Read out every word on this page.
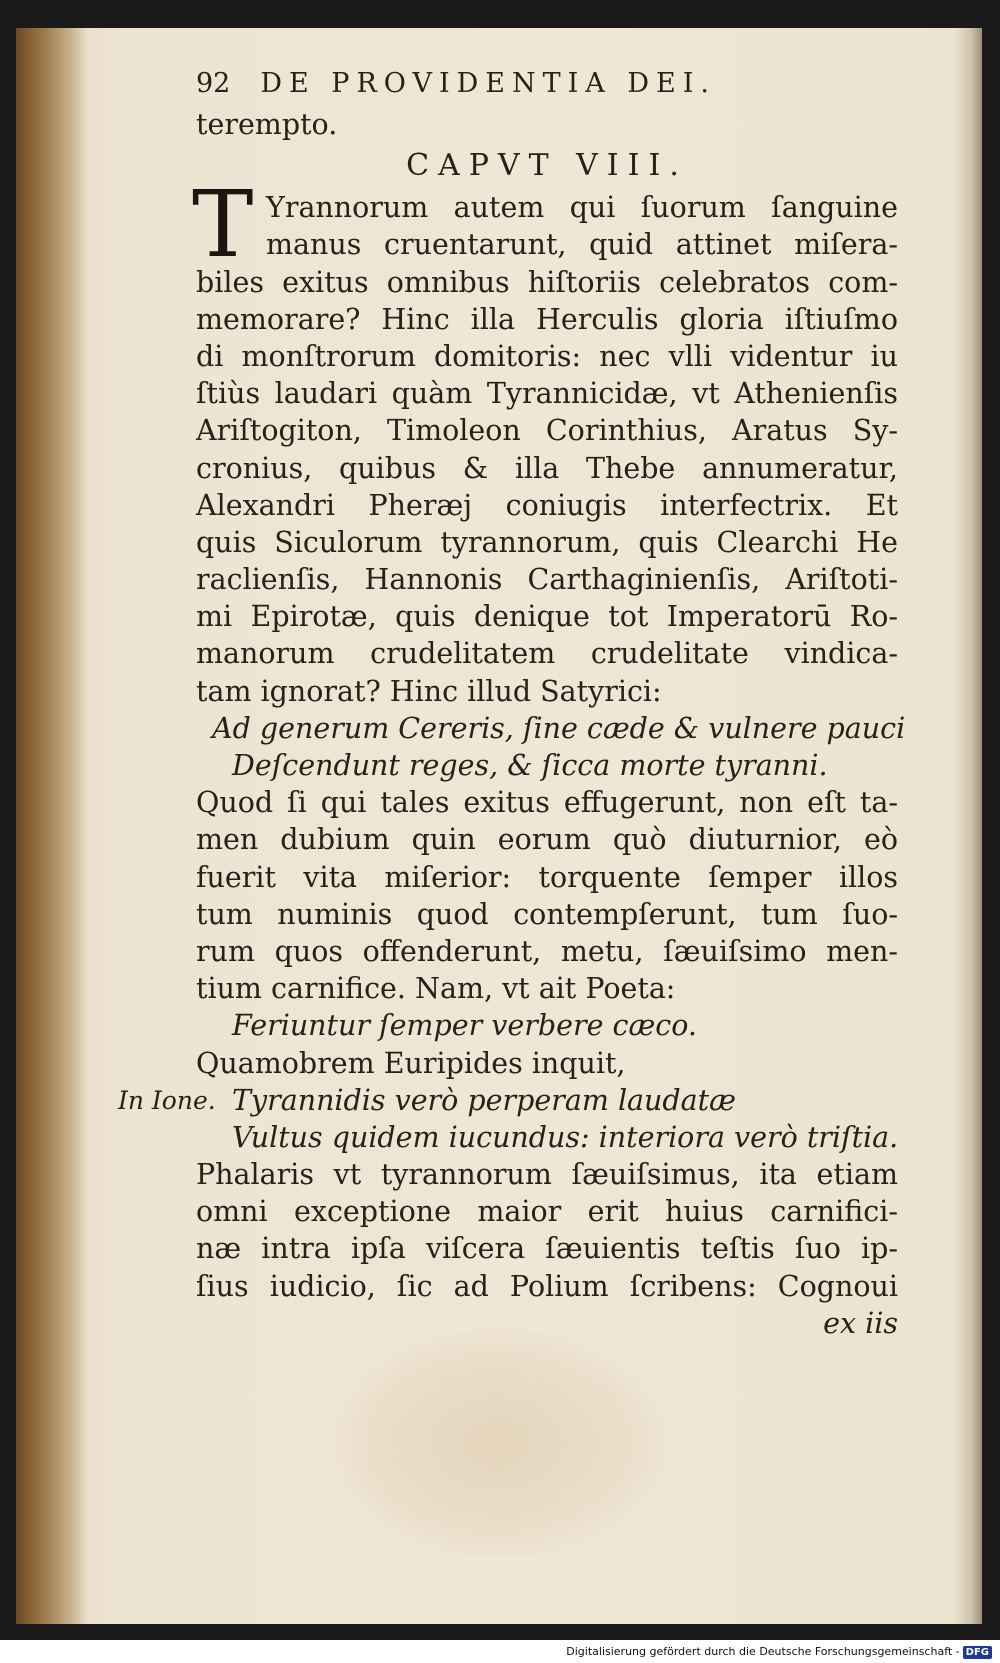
92 DE PROVIDENTIA DEI.
terempto.
CAPVT VIII.
T Yrannorum autem qui ſuorum ſanguine
manus cruentarunt, quid attinet miſera-
biles exitus omnibus hiſtoriis celebratos com-
memorare? Hinc illa Herculis gloria iſtiuſmo
di monſtrorum domitoris: nec vlli videntur iu
ſtiùs laudari quàm Tyrannicidæ, vt Athenienſis
Ariſtogiton, Timoleon Corinthius, Aratus Sy-
cronius, quibus & illa Thebe annumeratur,
Alexandri Pheræj coniugis interfectrix. Et
quis Siculorum tyrannorum, quis Clearchi He
raclienſis, Hannonis Carthaginienſis, Ariſtoti-
mi Epirotæ, quis denique tot Imperatorū Ro-
manorum crudelitatem crudelitate vindica-
tam ignorat? Hinc illud Satyrici:
Ad generum Cereris, ſine cæde & vulnere pauci
Deſcendunt reges, & ſicca morte tyranni.
Quod ſi qui tales exitus effugerunt, non eſt ta-
men dubium quin eorum quò diuturnior, eò
fuerit vita miſerior: torquente ſemper illos
tum numinis quod contempſerunt, tum ſuo-
rum quos offenderunt, metu, ſæuiſsimo men-
tium carnifice. Nam, vt ait Poeta:
Feriuntur ſemper verbere cæco.
Quamobrem Euripides inquit,
Tyrannidis verò perperam laudatæ
Vultus quidem iucundus: interiora verò triſtia.
Phalaris vt tyrannorum ſæuiſsimus, ita etiam
omni exceptione maior erit huius carnifici-
næ intra ipſa viſcera ſæuientis teſtis ſuo ip-
ſius iudicio, ſic ad Polium ſcribens: Cognoui
ex iis
In Ione.
Digitalisierung gefördert durch die Deutsche Forschungsgemeinschaft - DFG
